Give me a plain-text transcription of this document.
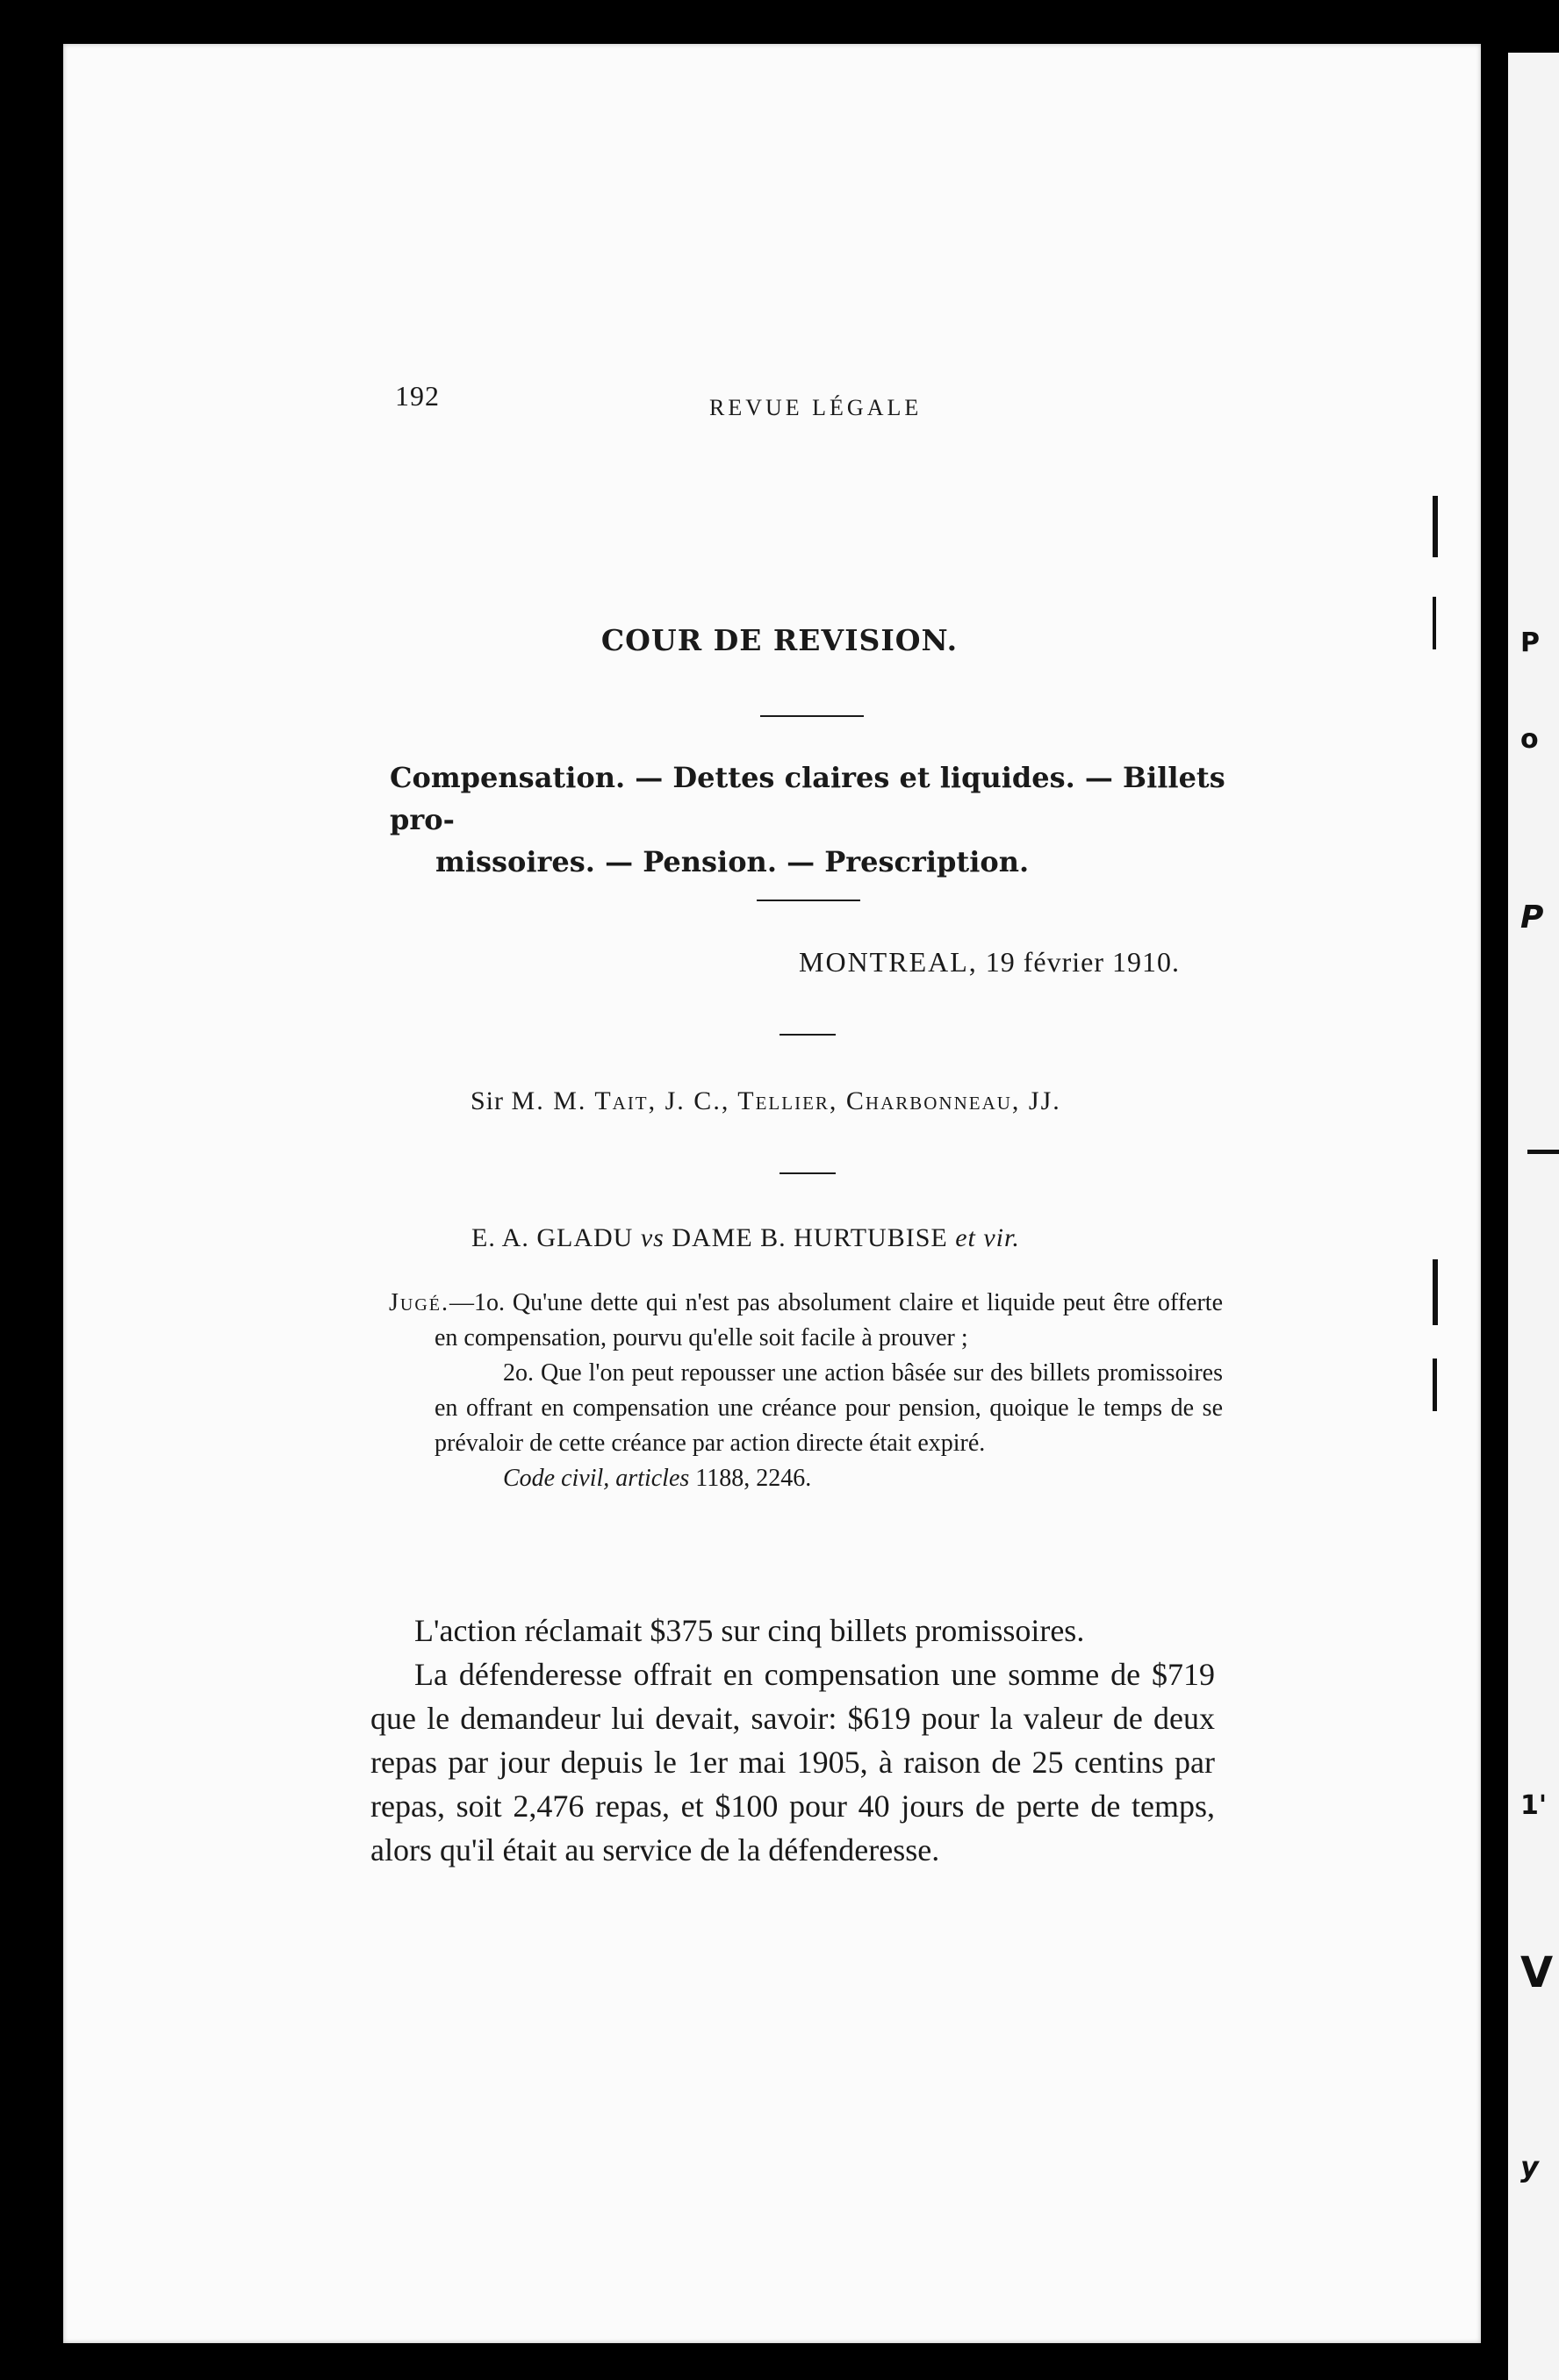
P
o
P
1'
V
y
192	REVUE LÉGALE
COUR DE REVISION.
Compensation. — Dettes claires et liquides. — Billets pro-
missoires. — Pension. — Prescription.
MONTREAL, 19 février 1910.
Sir M. M. Tait, J. C., Tellier, Charbonneau, JJ.
E. A. GLADU vs DAME B. HURTUBISE et vir.

Jugé.—1o. Qu'une dette qui n'est pas absolument claire et liquide peut être offerte en compensation, pourvu qu'elle soit facile à prouver ;

2o. Que l'on peut repousser une action bâsée sur des billets promissoires en offrant en compensation une créance pour pension, quoique le temps de se prévaloir de cette créance par action directe était expiré.

Code civil, articles 1188, 2246.

L'action réclamait $375 sur cinq billets promissoires.

La défenderesse offrait en compensation une somme de $719 que le demandeur lui devait, savoir: $619 pour la valeur de deux repas par jour depuis le 1er mai 1905, à raison de 25 centins par repas, soit 2,476 repas, et $100 pour 40 jours de perte de temps, alors qu'il était au service de la défenderesse.
